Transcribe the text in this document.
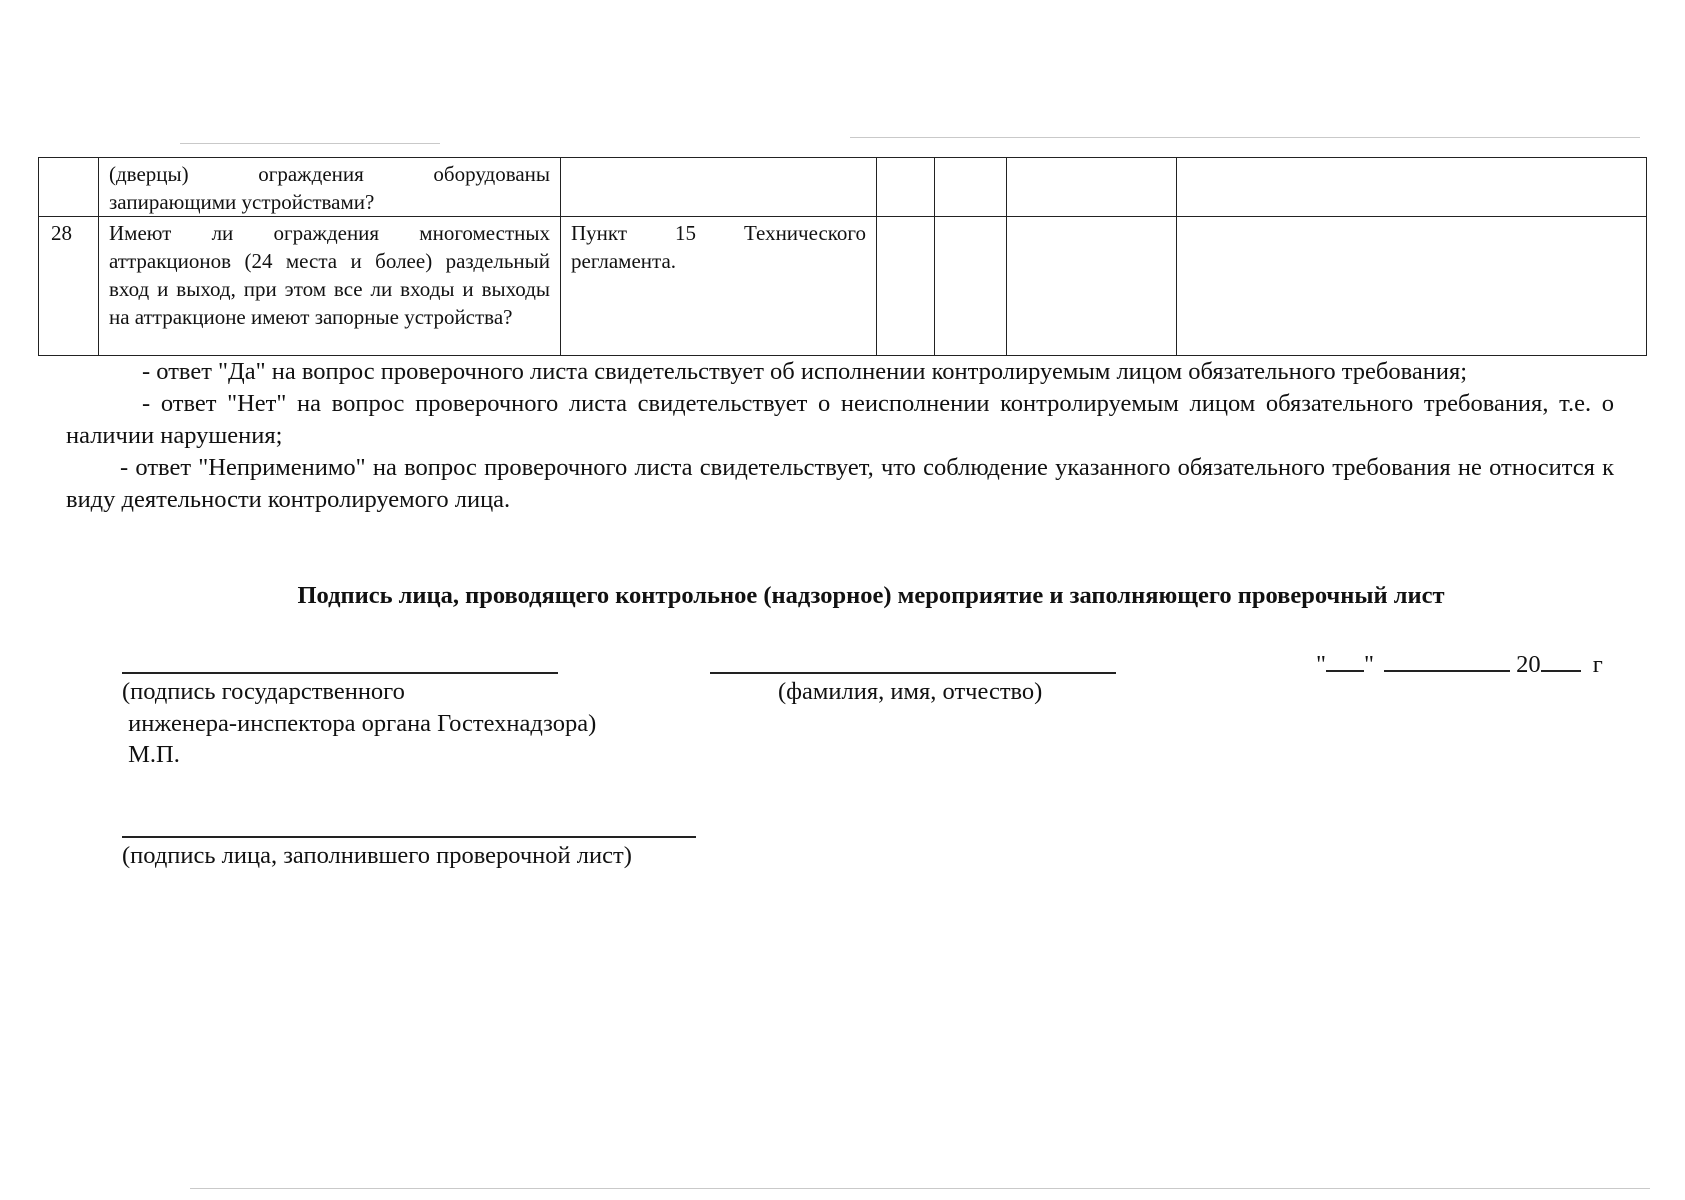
	(дверцы) ограждения оборудованы запирающими устройствами?					
28	Имеют ли ограждения многоместных аттракционов (24 места и более) раздельный вход и выход, при этом все ли входы и выходы на аттракционе имеют запорные устройства?	Пункт 15 Технического регламента.				

- ответ "Да" на вопрос проверочного листа свидетельствует об исполнении контролируемым лицом обязательного требования;

- ответ "Нет" на вопрос проверочного листа свидетельствует о неисполнении контролируемым лицом обязательного требования, т.е. о наличии нарушения;

- ответ "Неприменимо" на вопрос проверочного листа свидетельствует, что соблюдение указанного обязательного требования не относится к виду деятельности контролируемого лица.

Подпись лица, проводящего контрольное (надзорное) мероприятие и заполняющего проверочный лист
(подпись государственного
инженера-инспектора органа Гостехнадзора)
М.П.
(фамилия, имя, отчество)
" "	20 г
(подпись лица, заполнившего проверочной лист)
